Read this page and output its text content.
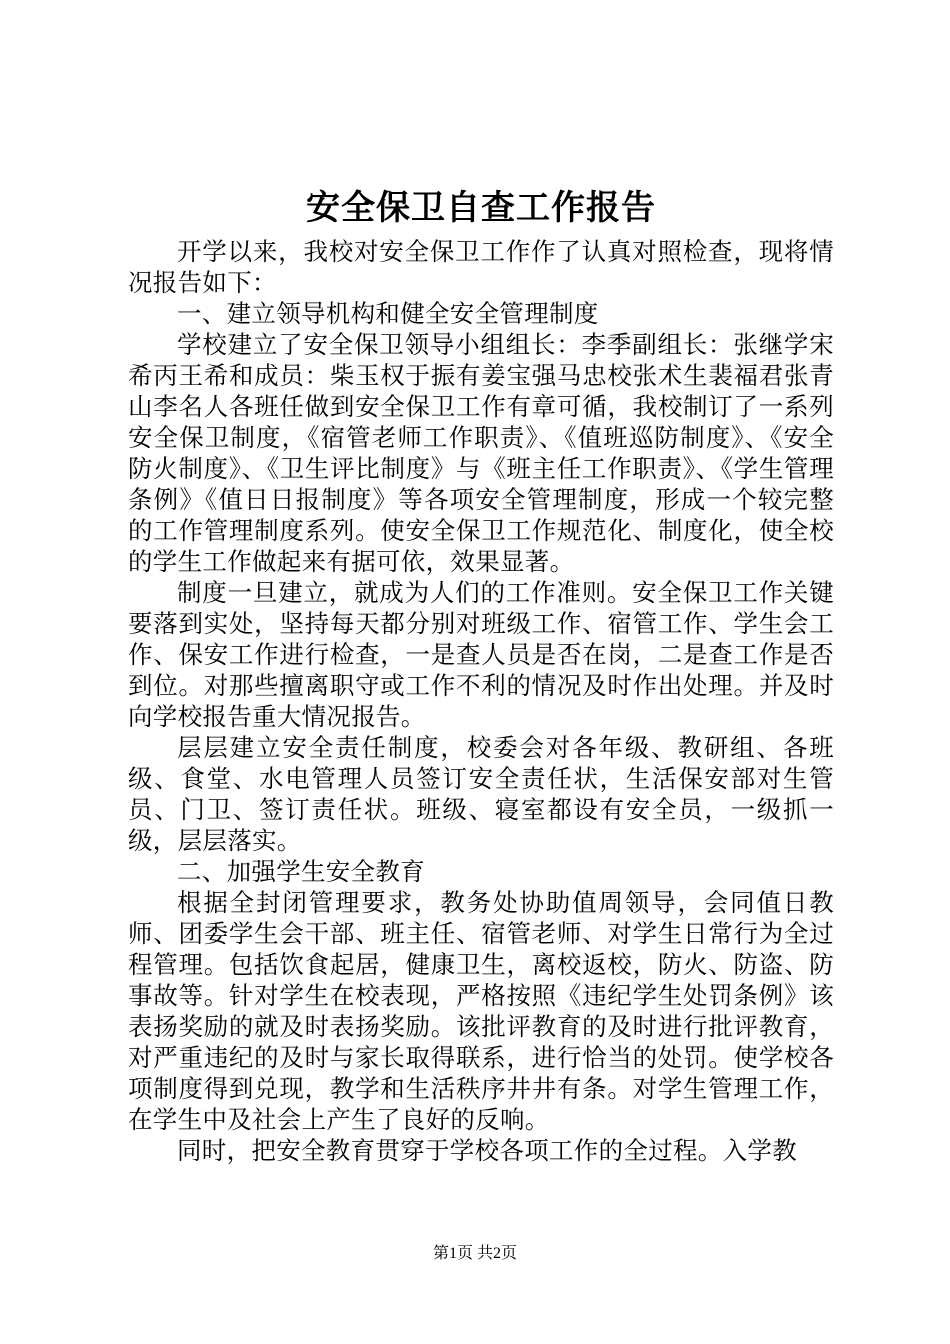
安全保卫自查工作报告

开学以来，我校对安全保卫工作作了认真对照检查，现将情况报告如下：

一、建立领导机构和健全安全管理制度

学校建立了安全保卫领导小组组长：李季副组长：张继学宋希丙王希和成员：柴玉权于振有姜宝强马忠校张术生裴福君张青山李名人各班任做到安全保卫工作有章可循，我校制订了一系列安全保卫制度，《宿管老师工作职责》、《值班巡防制度》、《安全防火制度》、《卫生评比制度》与《班主任工作职责》、《学生管理条例》《值日日报制度》等各项安全管理制度，形成一个较完整的工作管理制度系列。使安全保卫工作规范化、制度化，使全校的学生工作做起来有据可依，效果显著。

制度一旦建立，就成为人们的工作准则。安全保卫工作关键要落到实处，坚持每天都分别对班级工作、宿管工作、学生会工作、保安工作进行检查，一是查人员是否在岗，二是查工作是否到位。对那些擅离职守或工作不利的情况及时作出处理。并及时向学校报告重大情况报告。

层层建立安全责任制度，校委会对各年级、教研组、各班级、食堂、水电管理人员签订安全责任状，生活保安部对生管员、门卫、签订责任状。班级、寝室都设有安全员，一级抓一级，层层落实。

二、加强学生安全教育

根据全封闭管理要求，教务处协助值周领导，会同值日教师、团委学生会干部、班主任、宿管老师、对学生日常行为全过程管理。包括饮食起居，健康卫生，离校返校，防火、防盗、防事故等。针对学生在校表现，严格按照《违纪学生处罚条例》该表扬奖励的就及时表扬奖励。该批评教育的及时进行批评教育，对严重违纪的及时与家长取得联系，进行恰当的处罚。使学校各项制度得到兑现，教学和生活秩序井井有条。对学生管理工作，在学生中及社会上产生了良好的反响。

同时，把安全教育贯穿于学校各项工作的全过程。入学教

第1页 共2页
